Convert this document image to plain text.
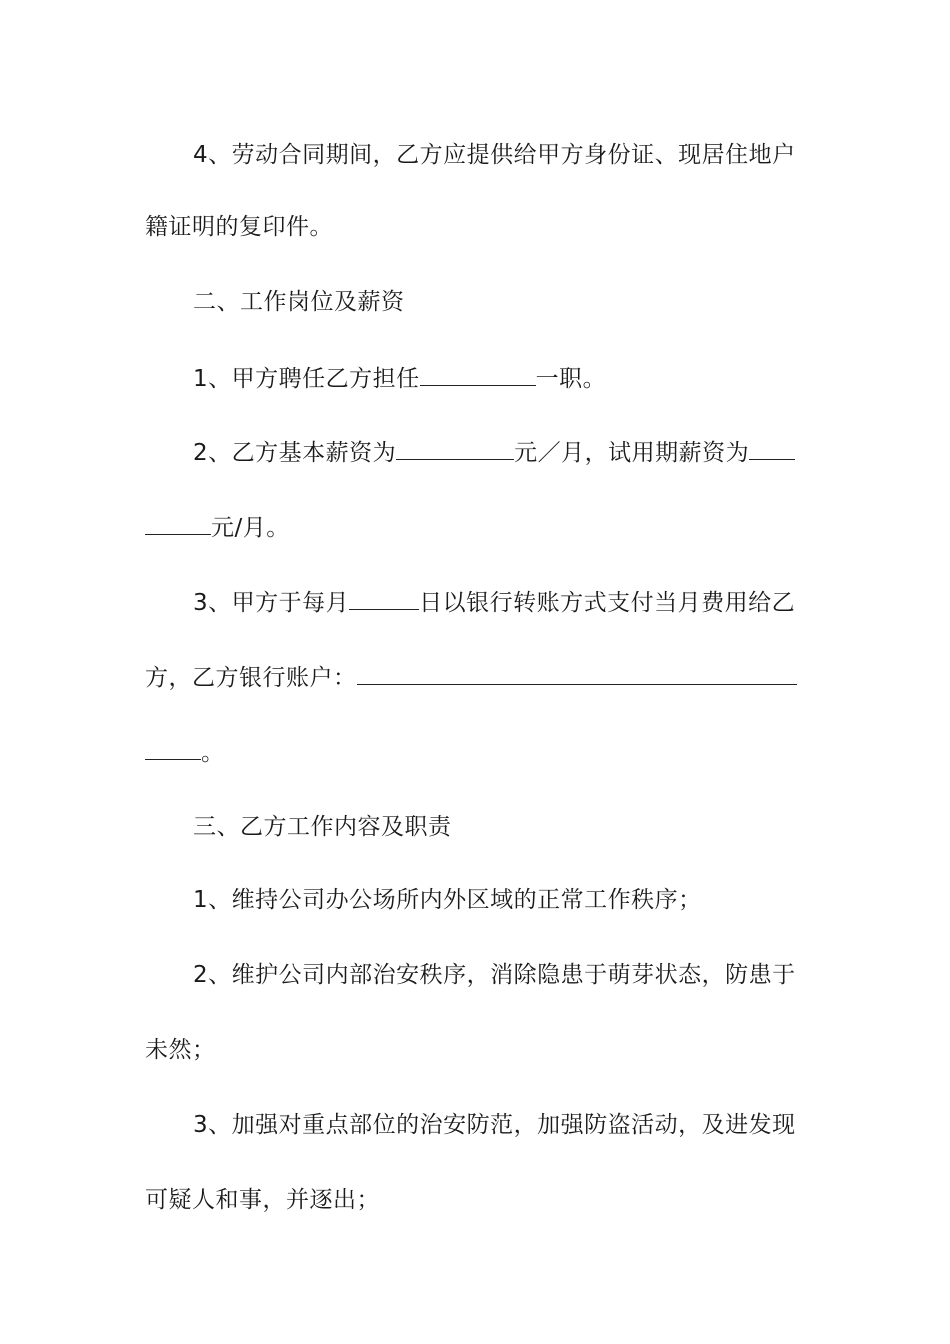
4、劳动合同期间，乙方应提供给甲方身份证、现居住地户
籍证明的复印件。
二、工作岗位及薪资
1、甲方聘任乙方担任	一职。
2、乙方基本薪资为	元／月，试用期薪资为
元/月。
3、甲方于每月	日以银行转账方式支付当月费用给乙
方，乙方银行账户：
。
三、乙方工作内容及职责
1、维持公司办公场所内外区域的正常工作秩序；
2、维护公司内部治安秩序，消除隐患于萌芽状态，防患于
未然；
3、加强对重点部位的治安防范，加强防盗活动，及进发现
可疑人和事，并逐出；
